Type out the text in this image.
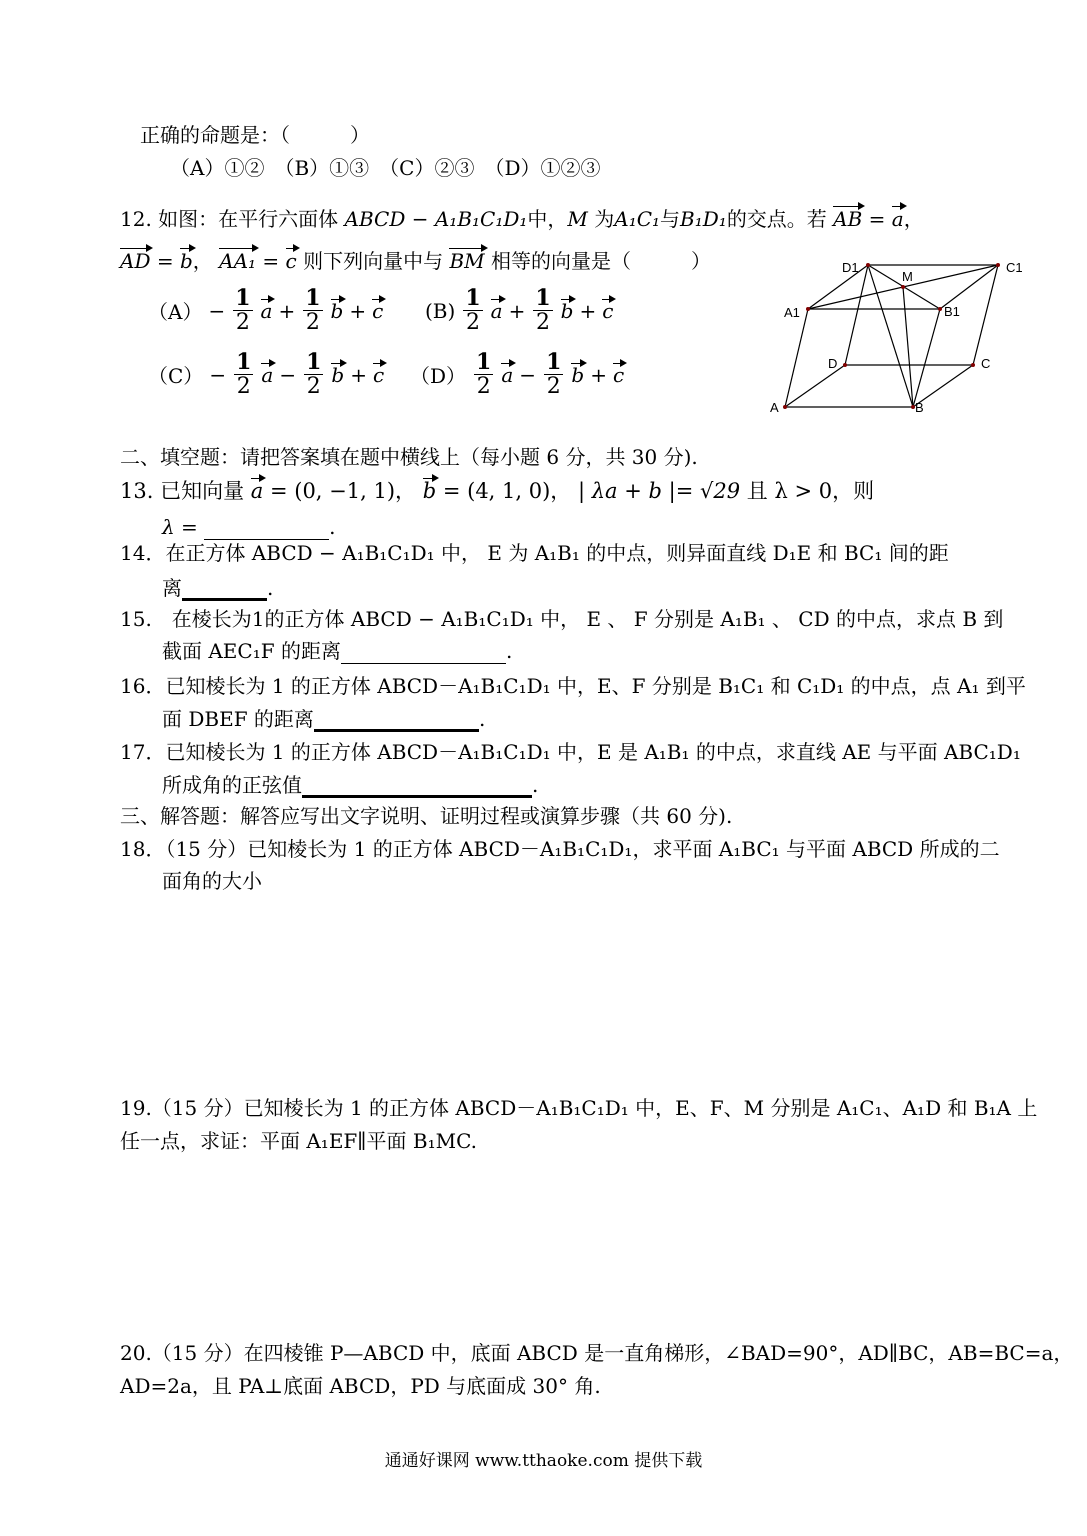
正确的命题是：（　　　）
（A）①②　（B）①③　（C）②③　（D）①②③
12. 如图：在平行六面体 ABCD − A₁B₁C₁D₁中，M 为A₁C₁与B₁D₁的交点。若 AB = a，
AD = b， AA₁ = c 则下列向量中与 BM 相等的向量是（　　　）
$(A) - \frac{1}{2}$ $a + \frac{1}{2}$ b + c $(B) \frac{1}{2}$ $a + \frac{1}{2}$ b + c
$(C) - \frac{1}{2}$ $a - \frac{1}{2}$ b + c $(D) \frac{1}{2}$ $a - \frac{1}{2}$ b + c
D1	C1
A1	B1
A	B
D	C
M
二、填空题：请把答案填在题中横线上（每小题 6 分，共 30 分).
13. 已知向量 a = (0, −1, 1)， b = (4, 1, 0)， | λa + b |= √29 且 λ > 0，则
λ =	.
14．在正方体 ABCD − A₁B₁C₁D₁ 中， E 为 A₁B₁ 的中点，则异面直线 D₁E 和 BC₁ 间的距
离	.
15.　在棱长为1的正方体 ABCD − A₁B₁C₁D₁ 中， E 、 F 分别是 A₁B₁ 、 CD 的中点，求点 B 到
截面 AEC₁F 的距离	.
16．已知棱长为 1 的正方体 ABCD－A₁B₁C₁D₁ 中，E、F 分别是 B₁C₁ 和 C₁D₁ 的中点，点 A₁ 到平
面 DBEF 的距离	.
17．已知棱长为 1 的正方体 ABCD－A₁B₁C₁D₁ 中，E 是 A₁B₁ 的中点，求直线 AE 与平面 ABC₁D₁
所成角的正弦值	.
三、解答题：解答应写出文字说明、证明过程或演算步骤（共 60 分).
18．（15 分）已知棱长为 1 的正方体 ABCD－A₁B₁C₁D₁，求平面 A₁BC₁ 与平面 ABCD 所成的二
面角的大小
19.（15 分）已知棱长为 1 的正方体 ABCD－A₁B₁C₁D₁ 中，E、F、M 分别是 A₁C₁、A₁D 和 B₁A 上
任一点，求证：平面 A₁EF∥平面 B₁MC.
20.（15 分）在四棱锥 P—ABCD 中，底面 ABCD 是一直角梯形，∠BAD=90°，AD∥BC，AB=BC=a，
AD=2a，且 PA⊥底面 ABCD，PD 与底面成 30° 角.
通通好课网 www.tthaoke.com 提供下载
